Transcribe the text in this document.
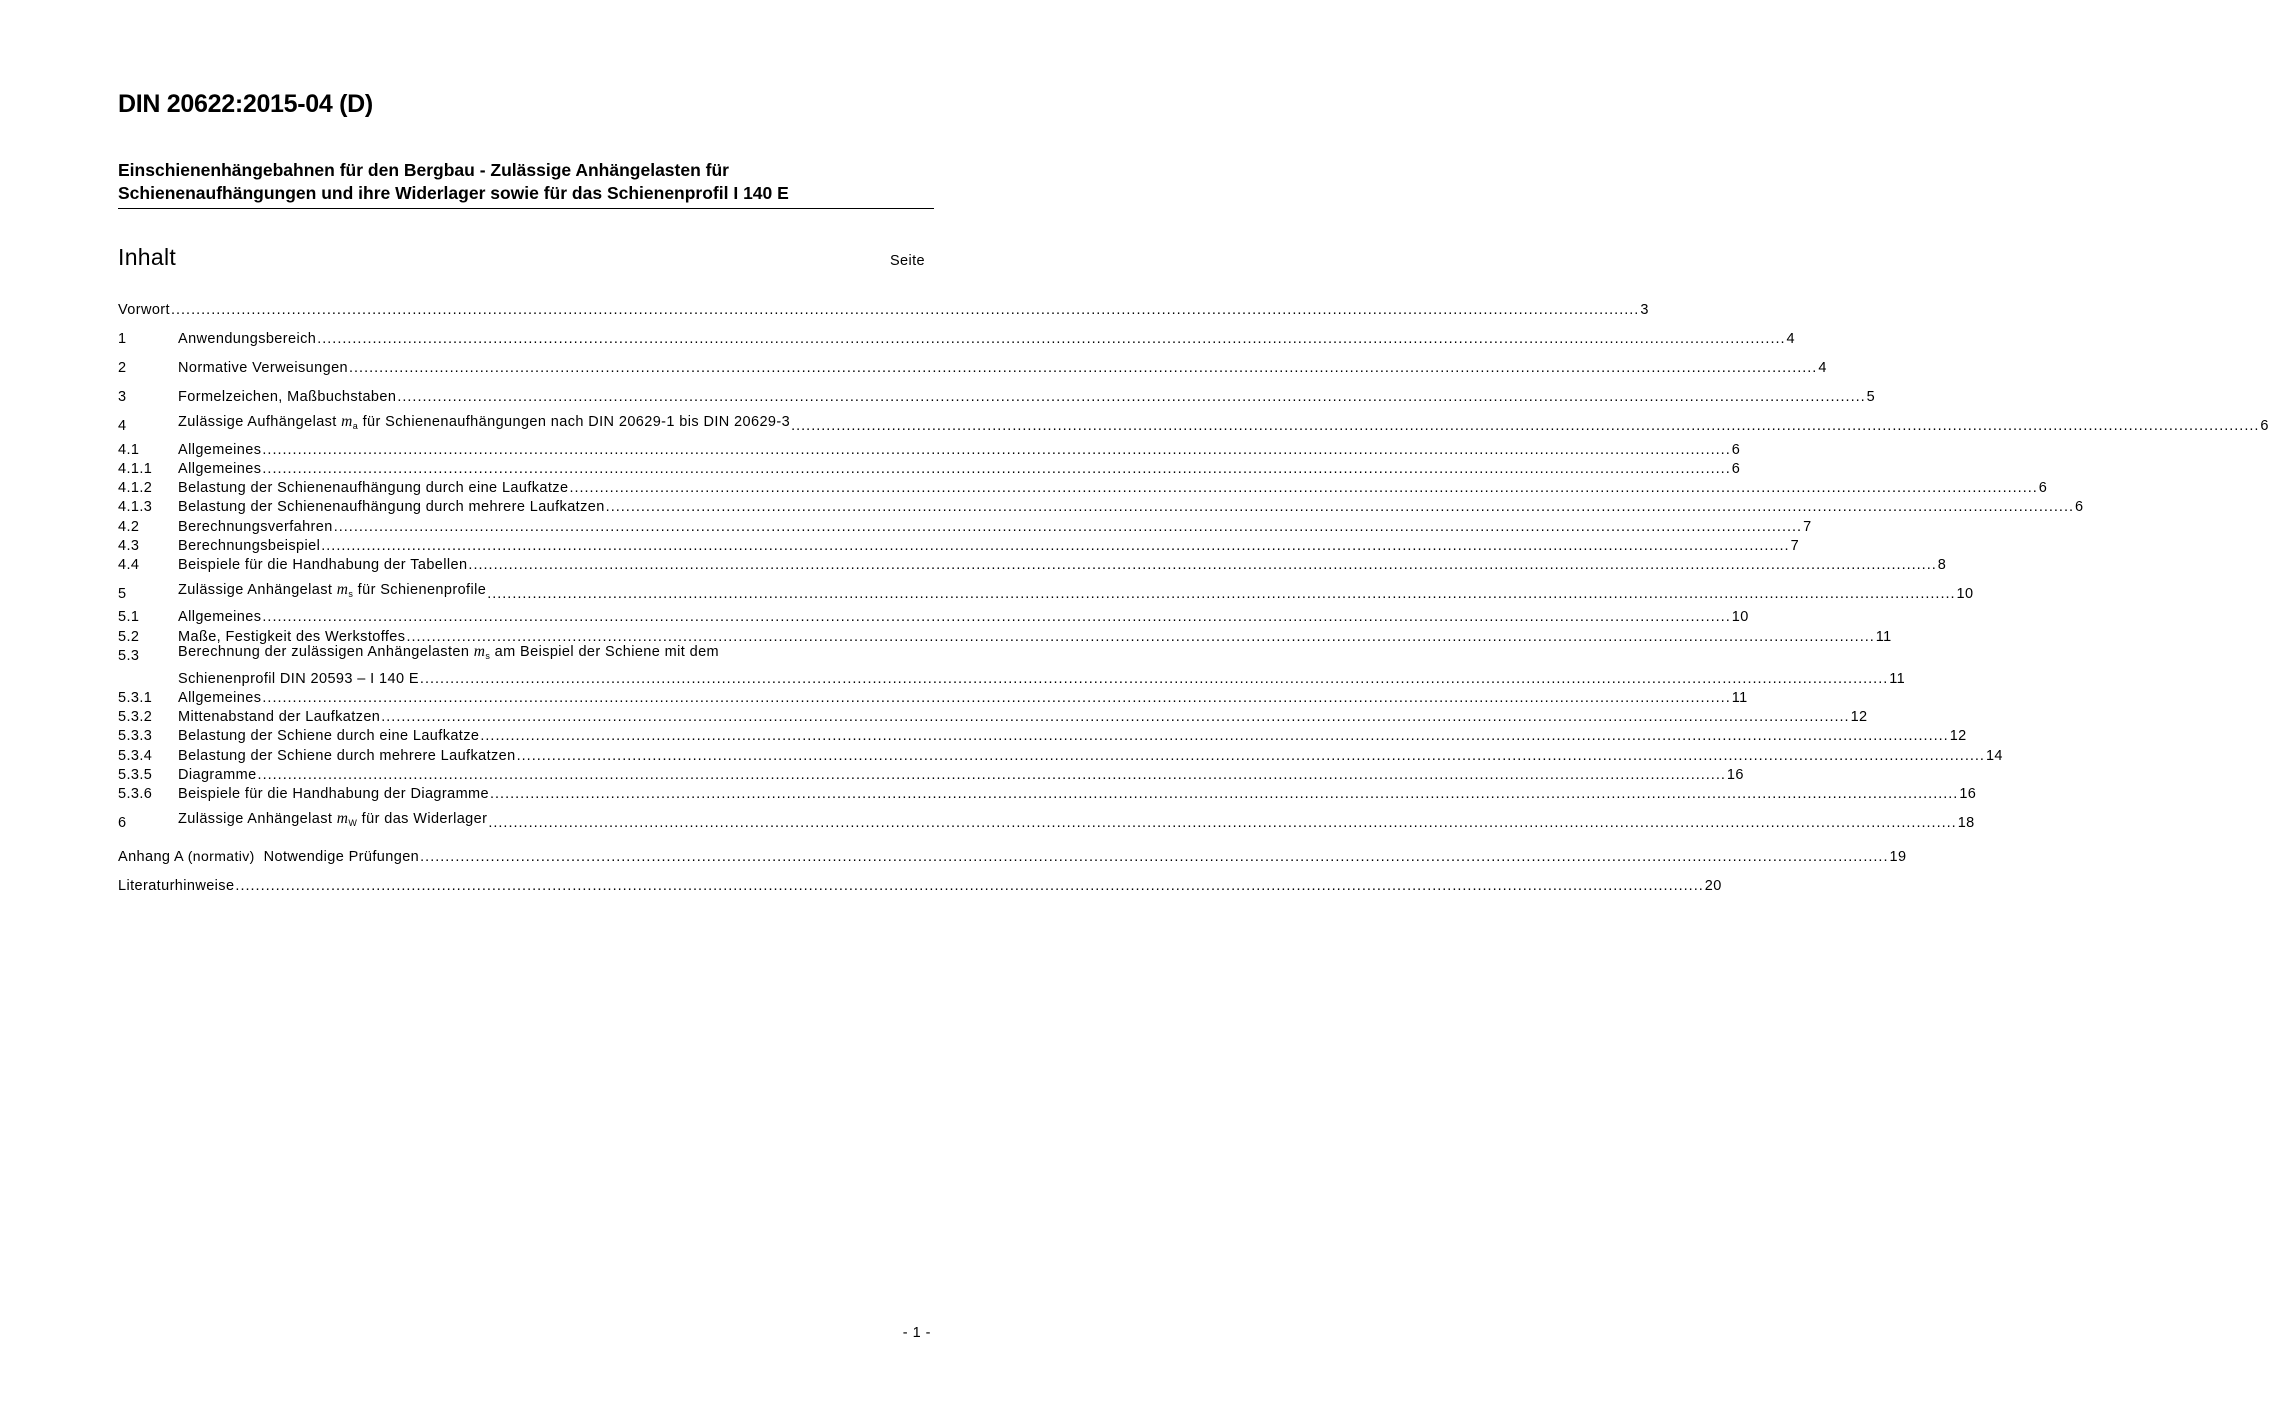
DIN 20622:2015-04 (D)
Einschienenhängebahnen für den Bergbau - Zulässige Anhängelasten für
Schienenaufhängungen und ihre Widerlager sowie für das Schienenprofil I 140 E
Inhalt	Seite
Vorwort .....	3
1	Anwendungsbereich .....	4
2	Normative Verweisungen .....	4
3	Formelzeichen, Maßbuchstaben .....	5
4	Zulässige Aufhängelast $m_a$ für Schienenaufhängungen nach DIN 20629-1 bis DIN 20629-3 .....	6
4.1	Allgemeines .....	6
4.1.1	Allgemeines .....	6
4.1.2	Belastung der Schienenaufhängung durch eine Laufkatze .....	6
4.1.3	Belastung der Schienenaufhängung durch mehrere Laufkatzen .....	6
4.2	Berechnungsverfahren .....	7
4.3	Berechnungsbeispiel .....	7
4.4	Beispiele für die Handhabung der Tabellen .....	8
5	Zulässige Anhängelast $m_s$ für Schienenprofile .....	10
5.1	Allgemeines .....	10
5.2	Maße, Festigkeit des Werkstoffes .....	11
5.3	Berechnung der zulässigen Anhängelasten $m_s$ am Beispiel der Schiene mit dem
Schienenprofil DIN 20593 – I 140 E .....	11
5.3.1	Allgemeines .....	11
5.3.2	Mittenabstand der Laufkatzen .....	12
5.3.3	Belastung der Schiene durch eine Laufkatze .....	12
5.3.4	Belastung der Schiene durch mehrere Laufkatzen .....	14
5.3.5	Diagramme .....	16
5.3.6	Beispiele für die Handhabung der Diagramme .....	16
6	Zulässige Anhängelast $m_W$ für das Widerlager .....	18
Anhang A (normativ)  Notwendige Prüfungen .....	19
Literaturhinweise .....	20
- 1 -
